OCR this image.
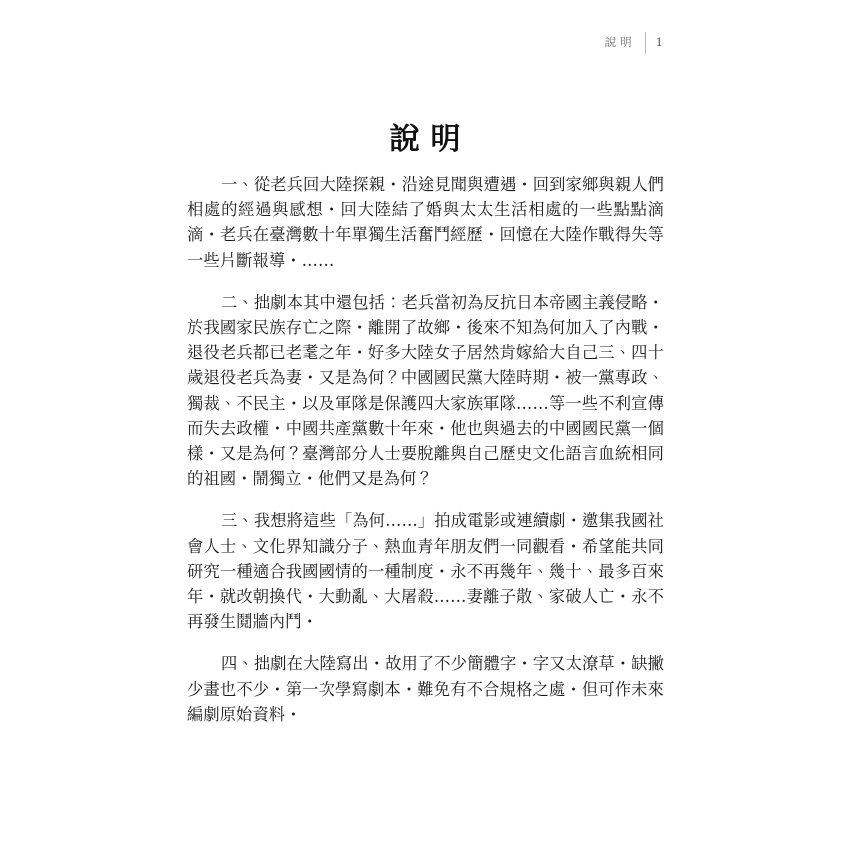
說明	1
說明

一、從老兵回大陸探親・沿途見聞與遭遇・回到家鄉與親人們相處的經過與感想・回大陸結了婚與太太生活相處的一些點點滴滴・老兵在臺灣數十年單獨生活奮鬥經歷・回憶在大陸作戰得失等一些片斷報導・……

二、拙劇本其中還包括：老兵當初為反抗日本帝國主義侵略・於我國家民族存亡之際・離開了故鄉・後來不知為何加入了內戰・退役老兵都已老耄之年・好多大陸女子居然肯嫁給大自己三、四十歲退役老兵為妻・又是為何？中國國民黨大陸時期・被一黨專政、獨裁、不民主・以及軍隊是保護四大家族軍隊……等一些不利宣傳而失去政權・中國共產黨數十年來・他也與過去的中國國民黨一個樣・又是為何？臺灣部分人士要脫離與自己歷史文化語言血統相同的祖國・鬧獨立・他們又是為何？

三、我想將這些「為何……」拍成電影或連續劇・邀集我國社會人士、文化界知識分子、熱血青年朋友們一同觀看・希望能共同研究一種適合我國國情的一種制度・永不再幾年、幾十、最多百來年・就改朝換代・大動亂、大屠殺……妻離子散、家破人亡・永不再發生鬩牆內鬥・

四、拙劇在大陸寫出・故用了不少簡體字・字又太潦草・缺撇少畫也不少・第一次學寫劇本・難免有不合規格之處・但可作未來編劇原始資料・
